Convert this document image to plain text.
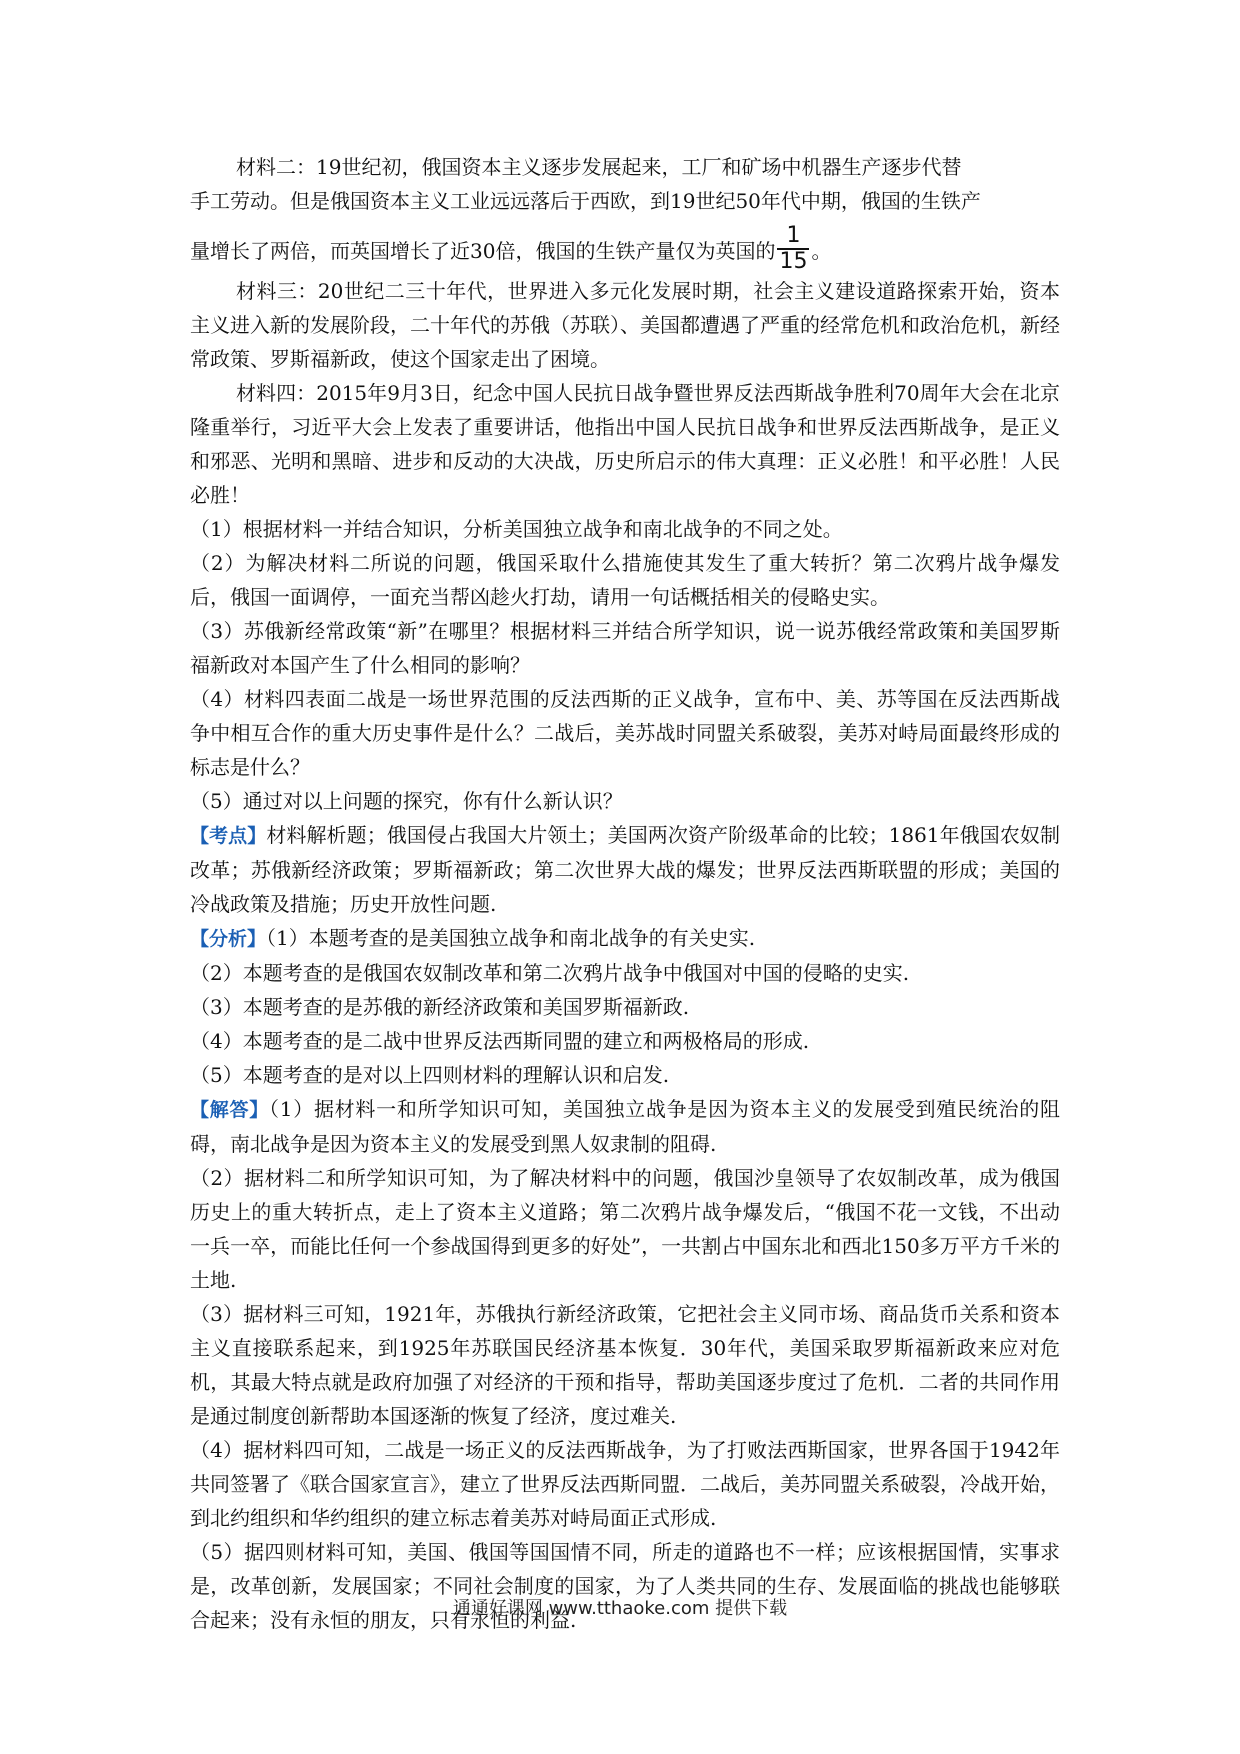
材料二：19世纪初，俄国资本主义逐步发展起来，工厂和矿场中机器生产逐步代替
手工劳动。但是俄国资本主义工业远远落后于西欧，到19世纪50年代中期，俄国的生铁产
量增长了两倍，而英国增长了近30倍，俄国的生铁产量仅为英国的 $\frac{1}{15}$ 。

材料三：20世纪二三十年代，世界进入多元化发展时期，社会主义建设道路探索开始，资本主义进入新的发展阶段，二十年代的苏俄（苏联）、美国都遭遇了严重的经常危机和政治危机，新经常政策、罗斯福新政，使这个国家走出了困境。

材料四：2015年9月3日，纪念中国人民抗日战争暨世界反法西斯战争胜利70周年大会在北京隆重举行，习近平大会上发表了重要讲话，他指出中国人民抗日战争和世界反法西斯战争，是正义和邪恶、光明和黑暗、进步和反动的大决战，历史所启示的伟大真理：正义必胜！和平必胜！人民必胜！

（1）根据材料一并结合知识，分析美国独立战争和南北战争的不同之处。

（2）为解决材料二所说的问题，俄国采取什么措施使其发生了重大转折？第二次鸦片战争爆发后，俄国一面调停，一面充当帮凶趁火打劫，请用一句话概括相关的侵略史实。

（3）苏俄新经常政策“新”在哪里？根据材料三并结合所学知识，说一说苏俄经常政策和美国罗斯福新政对本国产生了什么相同的影响？

（4）材料四表面二战是一场世界范围的反法西斯的正义战争，宣布中、美、苏等国在反法西斯战争中相互合作的重大历史事件是什么？二战后，美苏战时同盟关系破裂，美苏对峙局面最终形成的标志是什么？

（5）通过对以上问题的探究，你有什么新认识？

【考点】材料解析题；俄国侵占我国大片领土；美国两次资产阶级革命的比较；1861年俄国农奴制改革；苏俄新经济政策；罗斯福新政；第二次世界大战的爆发；世界反法西斯联盟的形成；美国的冷战政策及措施；历史开放性问题.

【分析】（1）本题考查的是美国独立战争和南北战争的有关史实.

（2）本题考查的是俄国农奴制改革和第二次鸦片战争中俄国对中国的侵略的史实.

（3）本题考查的是苏俄的新经济政策和美国罗斯福新政.

（4）本题考查的是二战中世界反法西斯同盟的建立和两极格局的形成.

（5）本题考查的是对以上四则材料的理解认识和启发.

【解答】（1）据材料一和所学知识可知，美国独立战争是因为资本主义的发展受到殖民统治的阻碍，南北战争是因为资本主义的发展受到黑人奴隶制的阻碍.

（2）据材料二和所学知识可知，为了解决材料中的问题，俄国沙皇领导了农奴制改革，成为俄国历史上的重大转折点，走上了资本主义道路；第二次鸦片战争爆发后，“俄国不花一文钱，不出动一兵一卒，而能比任何一个参战国得到更多的好处”，一共割占中国东北和西北150多万平方千米的土地.

（3）据材料三可知，1921年，苏俄执行新经济政策，它把社会主义同市场、商品货币关系和资本主义直接联系起来，到1925年苏联国民经济基本恢复．30年代，美国采取罗斯福新政来应对危机，其最大特点就是政府加强了对经济的干预和指导，帮助美国逐步度过了危机．二者的共同作用是通过制度创新帮助本国逐渐的恢复了经济，度过难关.

（4）据材料四可知，二战是一场正义的反法西斯战争，为了打败法西斯国家，世界各国于1942年共同签署了《联合国家宣言》，建立了世界反法西斯同盟．二战后，美苏同盟关系破裂，冷战开始，到北约组织和华约组织的建立标志着美苏对峙局面正式形成.

（5）据四则材料可知，美国、俄国等国国情不同，所走的道路也不一样；应该根据国情，实事求是，改革创新，发展国家；不同社会制度的国家，为了人类共同的生存、发展面临的挑战也能够联合起来；没有永恒的朋友，只有永恒的利益.

通通好课网 www.tthaoke.com 提供下载
